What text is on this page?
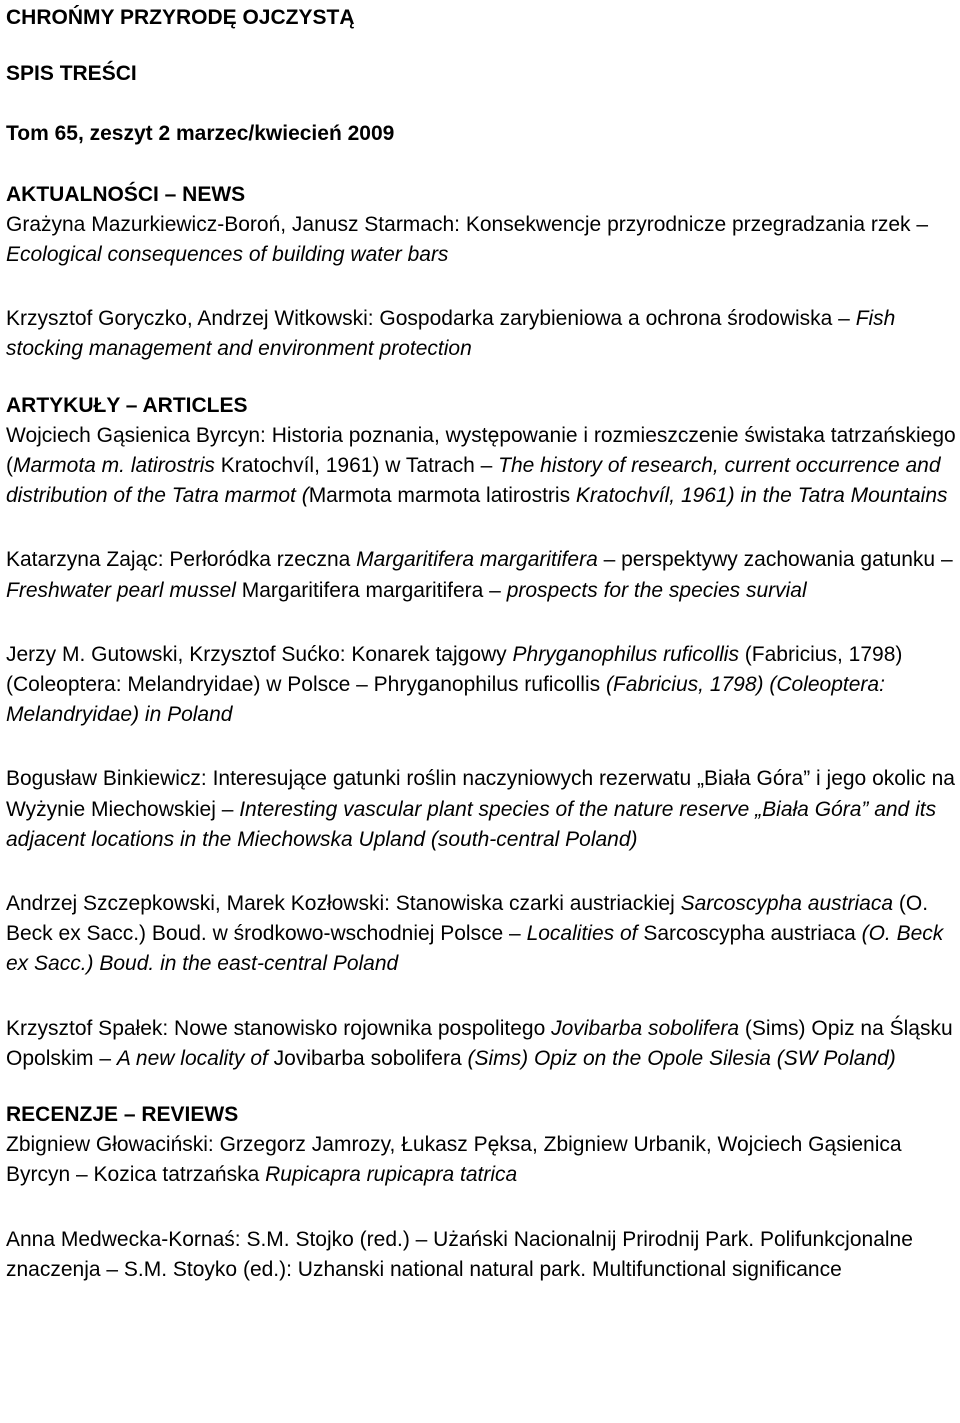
CHROŃMY PRZYRODĘ OJCZYSTĄ
SPIS TREŚCI
Tom 65, zeszyt 2 marzec/kwiecień 2009
AKTUALNOŚCI – NEWS
Grażyna Mazurkiewicz-Boroń, Janusz Starmach: Konsekwencje przyrodnicze przegradzania rzek – Ecological consequences of building water bars
Krzysztof Goryczko, Andrzej Witkowski: Gospodarka zarybieniowa a ochrona środowiska – Fish stocking management and environment protection
ARTYKUŁY – ARTICLES
Wojciech Gąsienica Byrcyn: Historia poznania, występowanie i rozmieszczenie świstaka tatrzańskiego (Marmota m. latirostris Kratochvíl, 1961) w Tatrach – The history of research, current occurrence and distribution of the Tatra marmot (Marmota marmota latirostris Kratochvíl, 1961) in the Tatra Mountains
Katarzyna Zając: Perłoródka rzeczna Margaritifera margaritifera – perspektywy zachowania gatunku – Freshwater pearl mussel Margaritifera margaritifera – prospects for the species survial
Jerzy M. Gutowski, Krzysztof Sućko: Konarek tajgowy Phryganophilus ruficollis (Fabricius, 1798) (Coleoptera: Melandryidae) w Polsce – Phryganophilus ruficollis (Fabricius, 1798) (Coleoptera: Melandryidae) in Poland
Bogusław Binkiewicz: Interesujące gatunki roślin naczyniowych rezerwatu „Biała Góra” i jego okolic na Wyżynie Miechowskiej – Interesting vascular plant species of the nature reserve „Biała Góra” and its adjacent locations in the Miechowska Upland (south-central Poland)
Andrzej Szczepkowski, Marek Kozłowski: Stanowiska czarki austriackiej Sarcoscypha austriaca (O. Beck ex Sacc.) Boud. w środkowo-wschodniej Polsce – Localities of Sarcoscypha austriaca (O. Beck ex Sacc.) Boud. in the east-central Poland
Krzysztof Spałek: Nowe stanowisko rojownika pospolitego Jovibarba sobolifera (Sims) Opiz na Śląsku Opolskim – A new locality of Jovibarba sobolifera (Sims) Opiz on the Opole Silesia (SW Poland)
RECENZJE – REVIEWS
Zbigniew Głowaciński: Grzegorz Jamrozy, Łukasz Pęksa, Zbigniew Urbanik, Wojciech Gąsienica Byrcyn – Kozica tatrzańska Rupicapra rupicapra tatrica
Anna Medwecka-Kornaś: S.M. Stojko (red.) – Użański Nacionalnij Prirodnij Park. Polifunkcjonalne znaczenja – S.M. Stoyko (ed.): Uzhanski national natural park. Multifunctional significance
